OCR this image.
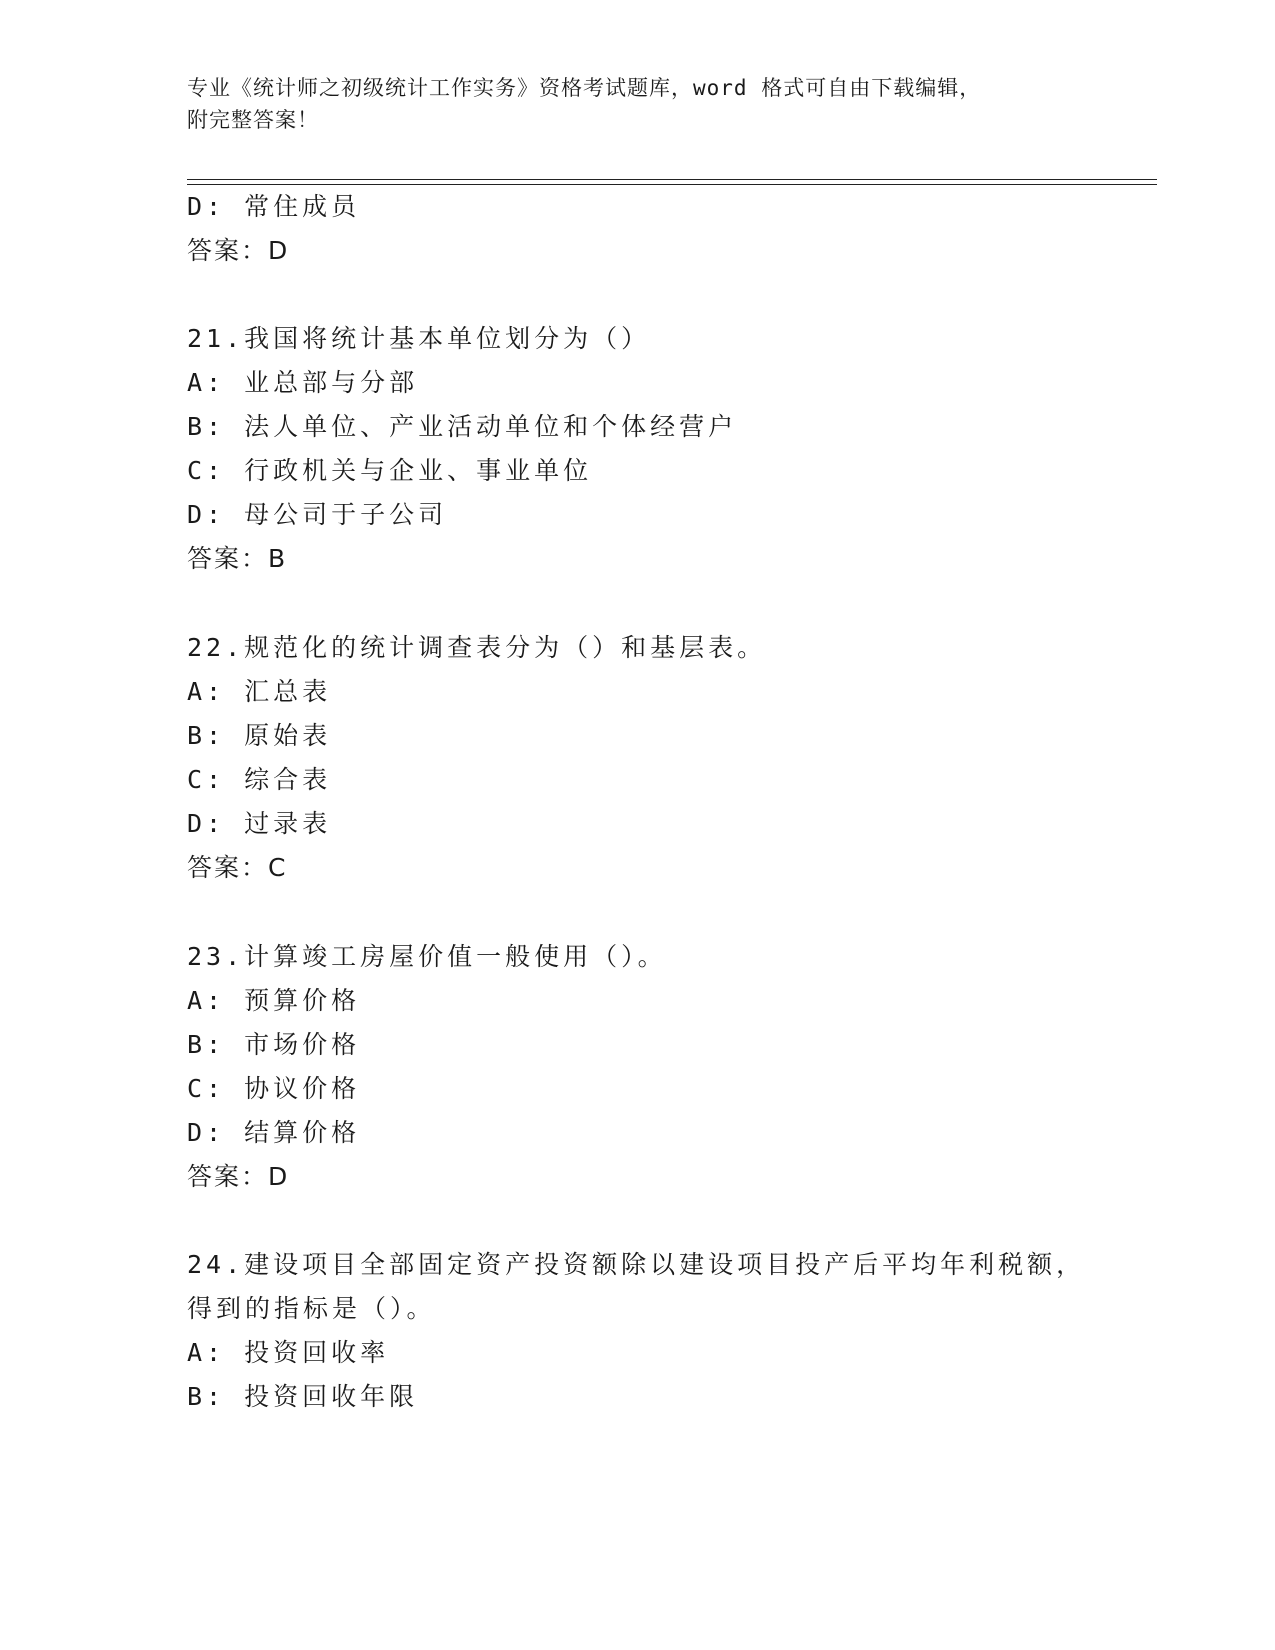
专业《统计师之初级统计工作实务》资格考试题库，word 格式可自由下载编辑，
附完整答案！
D: 常住成员
答案：D
21.我国将统计基本单位划分为（）
A: 业总部与分部
B: 法人单位、产业活动单位和个体经营户
C: 行政机关与企业、事业单位
D: 母公司于子公司
答案：B
22.规范化的统计调查表分为（）和基层表。
A: 汇总表
B: 原始表
C: 综合表
D: 过录表
答案：C
23.计算竣工房屋价值一般使用（）。
A: 预算价格
B: 市场价格
C: 协议价格
D: 结算价格
答案：D
24.建设项目全部固定资产投资额除以建设项目投产后平均年利税额，
得到的指标是（）。
A: 投资回收率
B: 投资回收年限
